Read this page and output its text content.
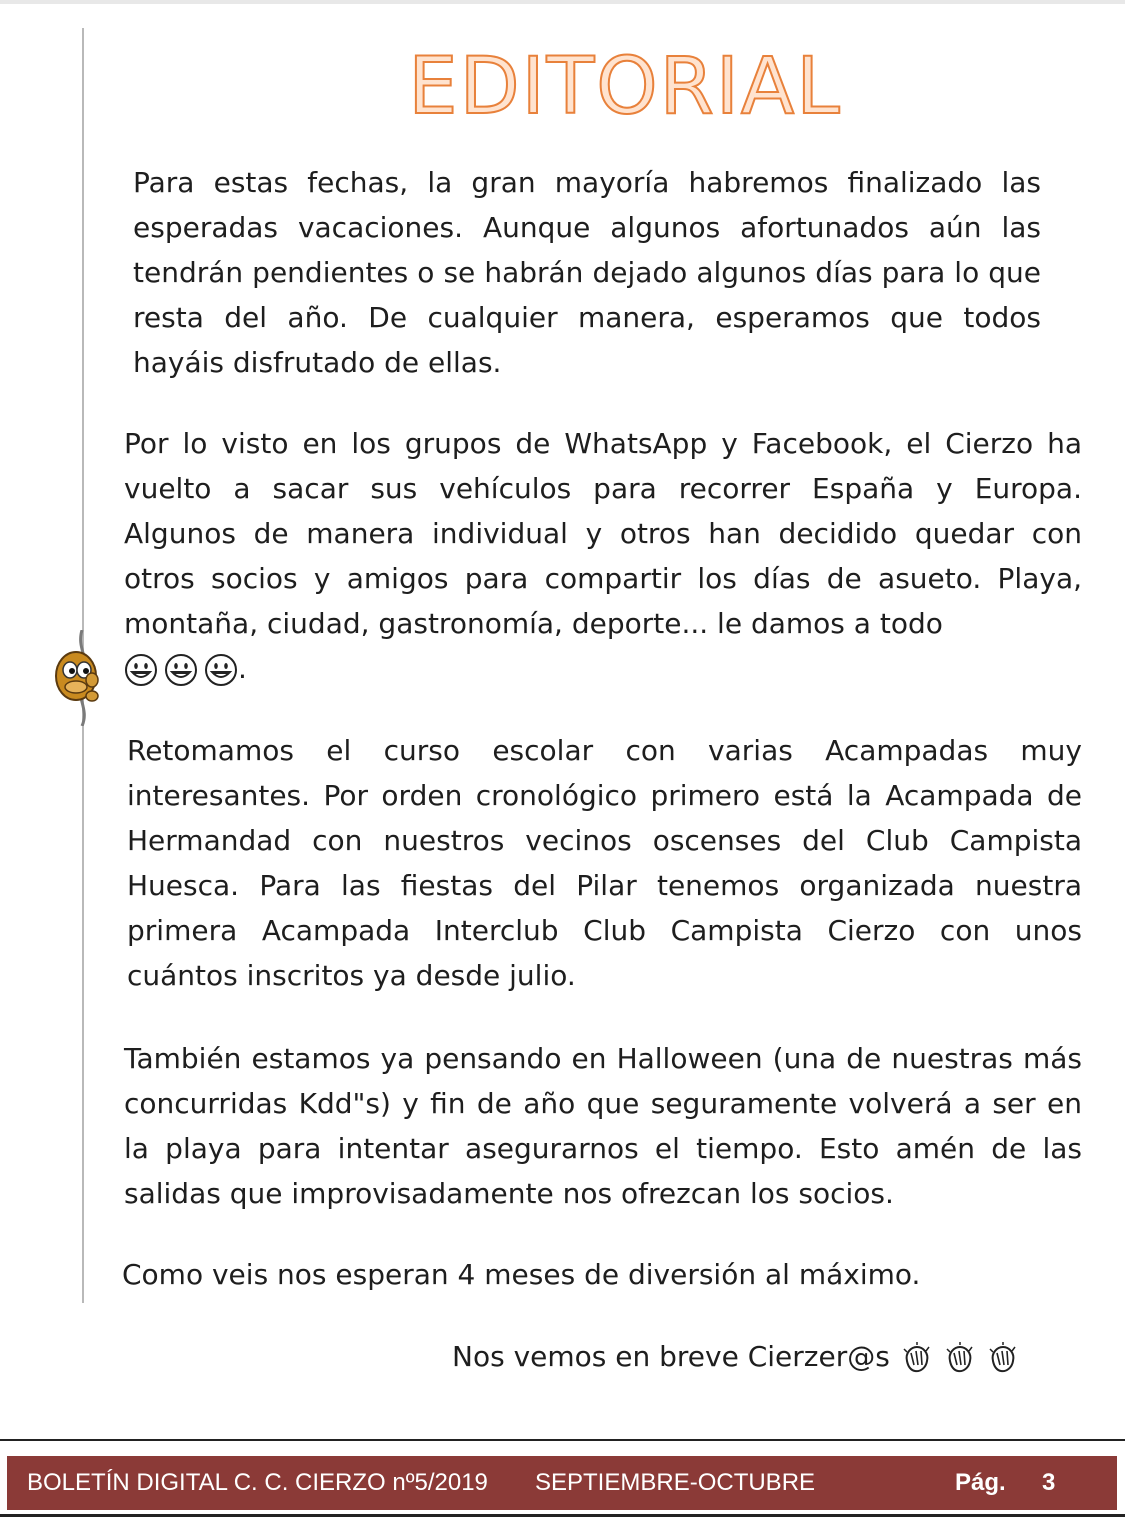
EDITORIAL

Para estas fechas, la gran mayoría habremos finalizado las esperadas vacaciones. Aunque algunos afortunados aún las tendrán pendientes o se habrán dejado algunos días para lo que resta del año. De cualquier manera, esperamos que todos hayáis disfrutado de ellas.

Por lo visto en los grupos de WhatsApp y Facebook, el Cierzo ha vuelto a sacar sus vehículos para recorrer España y Europa. Algunos de manera individual y otros han decidido quedar con otros socios y amigos para compartir los días de asueto. Playa, montaña, ciudad, gastronomía, deporte... le damos a todo

.

Retomamos el curso escolar con varias Acampadas muy interesantes. Por orden cronológico primero está la Acampada de Hermandad con nuestros vecinos oscenses del Club Campista Huesca. Para las fiestas del Pilar tenemos organizada nuestra primera Acampada Interclub Club Campista Cierzo con unos cuántos inscritos ya desde julio.

También estamos ya pensando en Halloween (una de nuestras más concurridas Kdd"s) y fin de año que seguramente volverá a ser en la playa para intentar asegurarnos el tiempo. Esto amén de las salidas que improvisadamente nos ofrezcan los socios.

Como veis nos esperan 4 meses de diversión al máximo.

Nos vemos en breve Cierzer@s
BOLETÍN DIGITAL C. C. CIERZO nº5/2019 SEPTIEMBRE-OCTUBRE	Pág. 3
